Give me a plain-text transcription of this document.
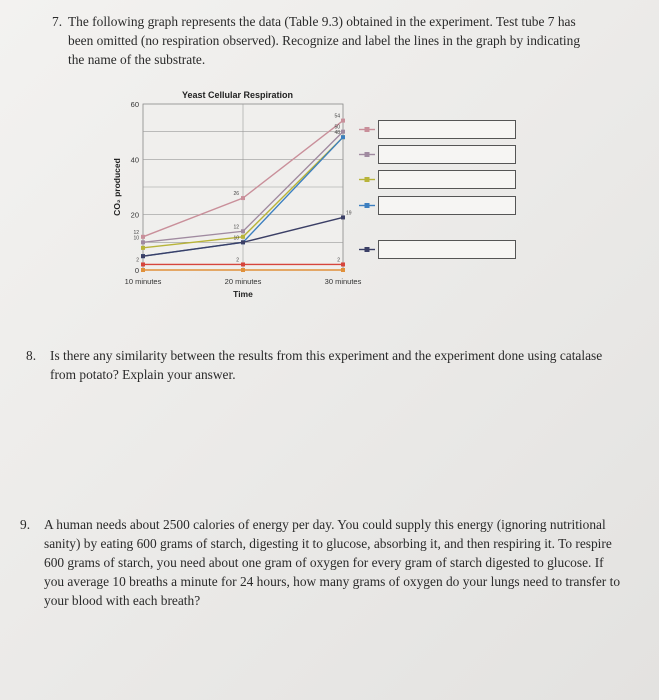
7. The following graph represents the data (Table 9.3) obtained in the experiment. Test tube 7 has been omitted (no respiration observed). Recognize and label the lines in the graph by indicating the name of the substrate.
Yeast Cellular Respiration
0
20
40
60
10 minutes	20 minutes	30 minutes
Time
CO₂ produced	26
54
50
48
19
12
10
12
10
2	2	2
8. Is there any similarity between the results from this experiment and the experiment done using catalase from potato? Explain your answer.
9. A human needs about 2500 calories of energy per day. You could supply this energy (ignoring nutritional sanity) by eating 600 grams of starch, digesting it to glucose, absorbing it, and then respiring it. To respire 600 grams of starch, you need about one gram of oxygen for every gram of starch digested to glucose. If you average 10 breaths a minute for 24 hours, how many grams of oxygen do your lungs need to transfer to your blood with each breath?
